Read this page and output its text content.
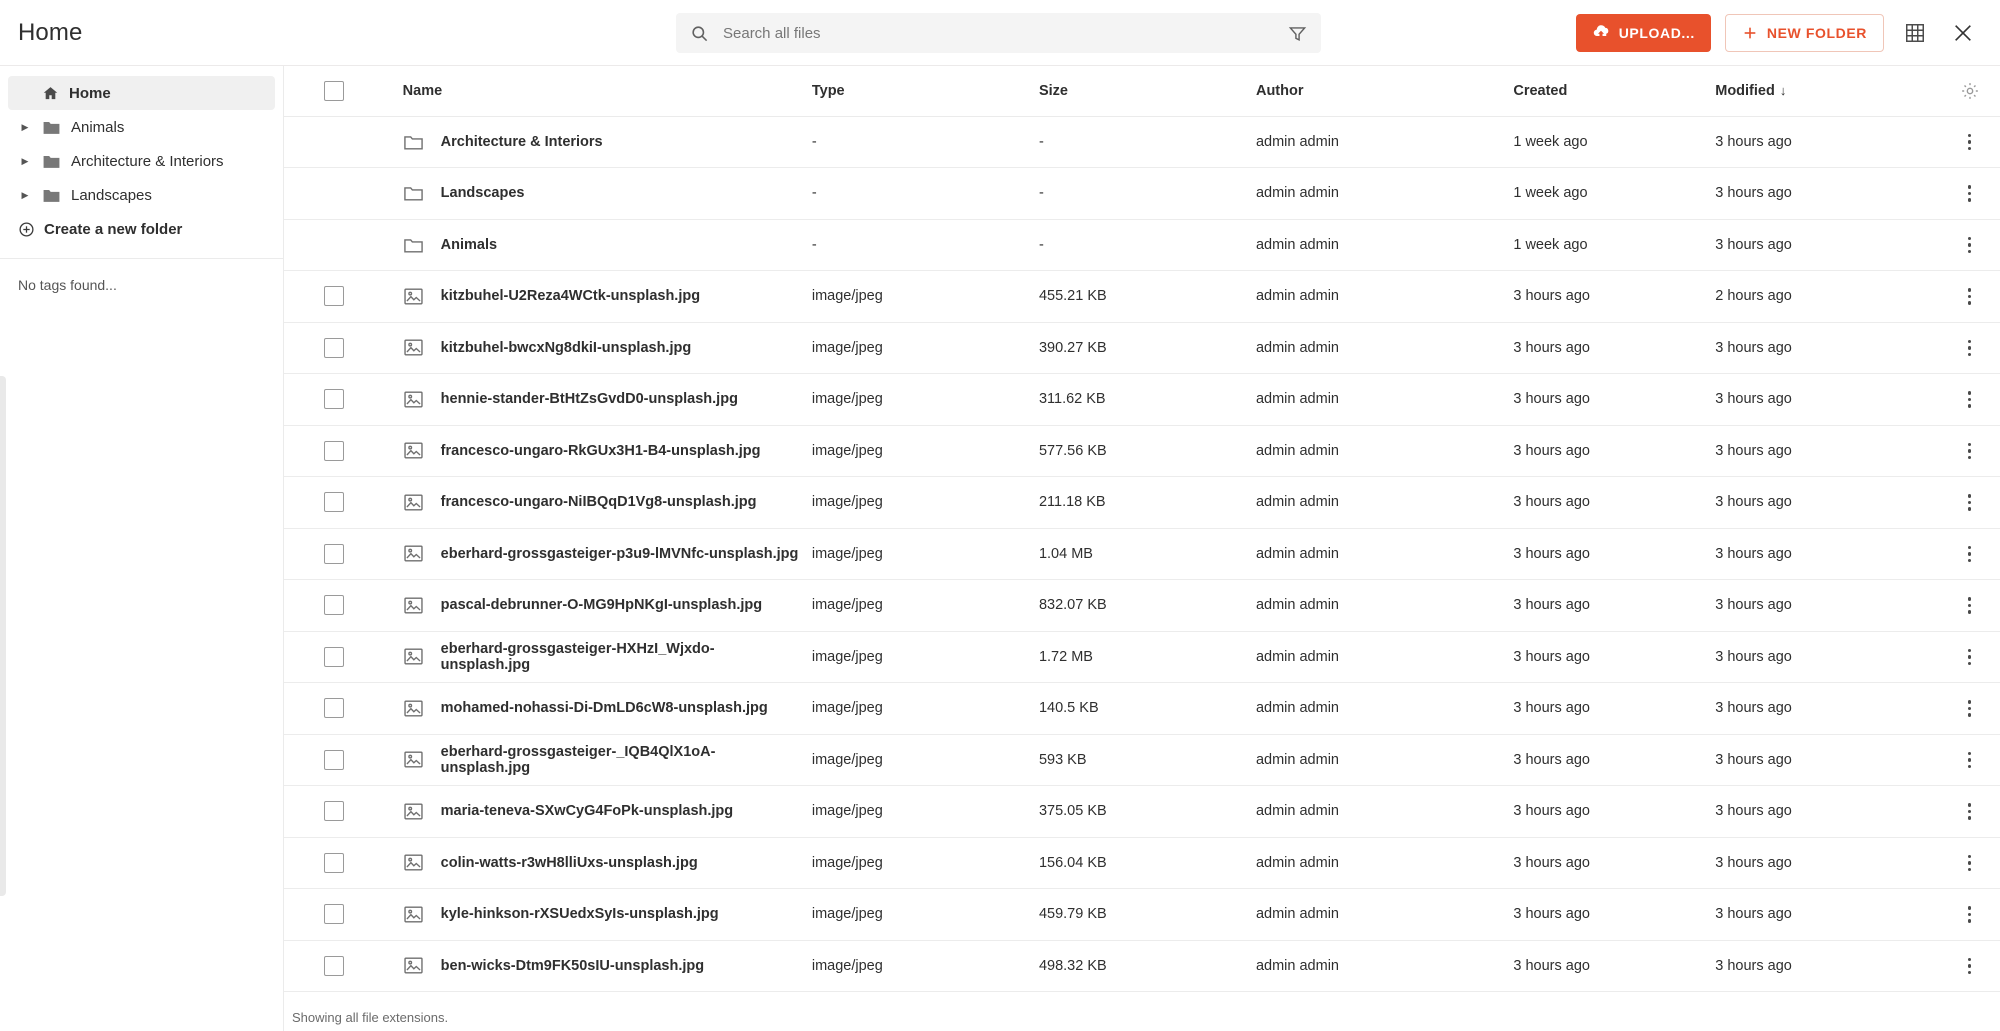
Home
Search all files	UPLOAD...	NEW FOLDER
Home
▶	Animals
▶	Architecture & Interiors
▶	Landscapes
Create a new folder
No tags found...
	Name	Type	Size	Author	Created	Modified ↓	

	Architecture & Interiors	-	-	admin admin	1 week ago	3 hours ago	

	Landscapes	-	-	admin admin	1 week ago	3 hours ago	

	Animals	-	-	admin admin	1 week ago	3 hours ago	

	kitzbuhel-U2Reza4WCtk-unsplash.jpg	image/jpeg	455.21 KB	admin admin	3 hours ago	2 hours ago	

	kitzbuhel-bwcxNg8dkiI-unsplash.jpg	image/jpeg	390.27 KB	admin admin	3 hours ago	3 hours ago	

	hennie-stander-BtHtZsGvdD0-unsplash.jpg	image/jpeg	311.62 KB	admin admin	3 hours ago	3 hours ago	

	francesco-ungaro-RkGUx3H1-B4-unsplash.jpg	image/jpeg	577.56 KB	admin admin	3 hours ago	3 hours ago	

	francesco-ungaro-NiIBQqD1Vg8-unsplash.jpg	image/jpeg	211.18 KB	admin admin	3 hours ago	3 hours ago	

	eberhard-grossgasteiger-p3u9-lMVNfc-unsplash.jpg	image/jpeg	1.04 MB	admin admin	3 hours ago	3 hours ago	

	pascal-debrunner-O-MG9HpNKgI-unsplash.jpg	image/jpeg	832.07 KB	admin admin	3 hours ago	3 hours ago	

	eberhard-grossgasteiger-HXHzI_Wjxdo-unsplash.jpg	image/jpeg	1.72 MB	admin admin	3 hours ago	3 hours ago	

	mohamed-nohassi-Di-DmLD6cW8-unsplash.jpg	image/jpeg	140.5 KB	admin admin	3 hours ago	3 hours ago	

	eberhard-grossgasteiger-_IQB4QlX1oA-unsplash.jpg	image/jpeg	593 KB	admin admin	3 hours ago	3 hours ago	

	maria-teneva-SXwCyG4FoPk-unsplash.jpg	image/jpeg	375.05 KB	admin admin	3 hours ago	3 hours ago	

	colin-watts-r3wH8lliUxs-unsplash.jpg	image/jpeg	156.04 KB	admin admin	3 hours ago	3 hours ago	

	kyle-hinkson-rXSUedxSyIs-unsplash.jpg	image/jpeg	459.79 KB	admin admin	3 hours ago	3 hours ago	

	ben-wicks-Dtm9FK50sIU-unsplash.jpg	image/jpeg	498.32 KB	admin admin	3 hours ago	3 hours ago	
Showing all file extensions.
